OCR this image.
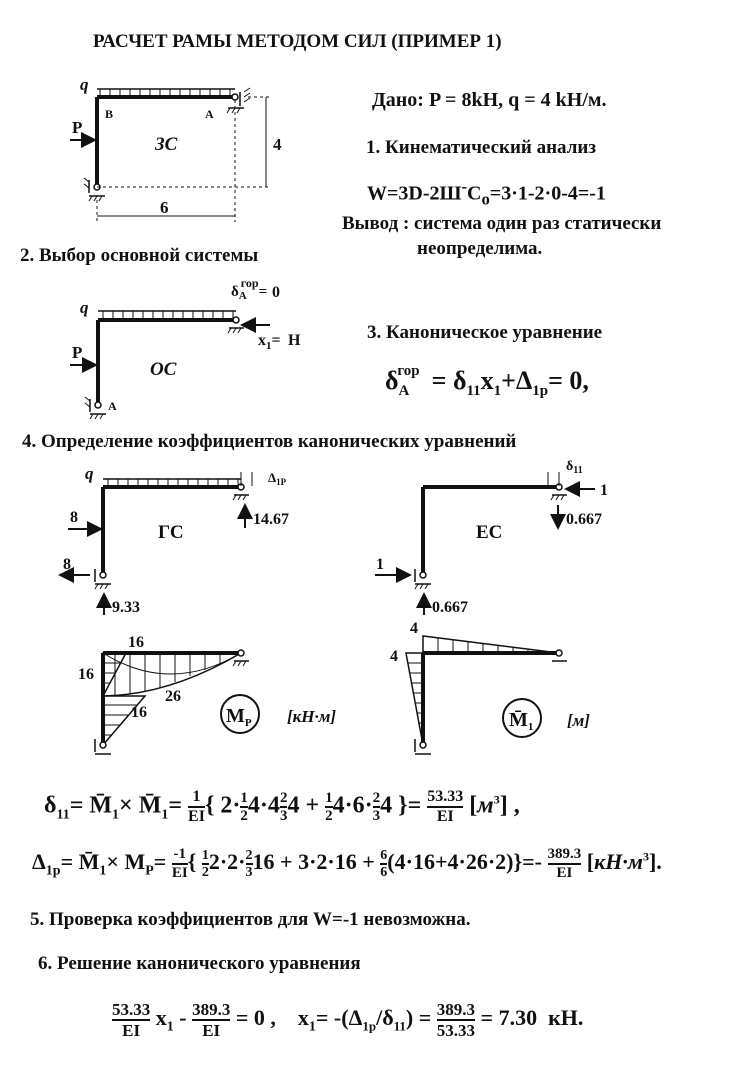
РАСЧЕТ РАМЫ МЕТОДОМ СИЛ (ПРИМЕР 1)
Дано: P = 8kH, q = 4 kH/м.
1. Кинематический анализ
$W=3D-2Ш^-C_o=3\cdot 1-2\cdot 0-4=-1$
Вывод : система один раз статически
неопределима.
2. Выбор основной системы
3. Каноническое уравнение
$\delta_A^{гор} = \delta_{11}x_1+\Delta_{1p}= 0$,
4. Определение коэффициентов канонических уравнений
$\delta_{11}=$ $M̄_1\times$ $M̄_1= 1$
EI{ 2· 1
24·4 2
34 + 1
24·6· 2
34 }= 53.33
EI $[м^3]$ ,
$\Delta_{1p}=$ $M̄_1\times M_P= -1$
EI{ 1
22·2· 2
316 + 3·2·16 + 6
6(4·16+4·26·2)}=- 389.3
EI $[кН\cdot м^3]$.
5. Проверка коэффициентов для W=-1 невозможна.
6. Решение канонического уравнения
53.33
EI $x_1 - 389.3$
EI = 0 ,    $x_1= -(\Delta_{1p}/\delta_{11}) = 389.3$
53.33 = 7.30  кН.
q
B	A
ЗС
P
6
4
q
ОС
P
$\delta_Aгор= 0$
$x_1= H$
A
q
ГС
8	14.67
$\Delta_{1P}$
8
9.33
1
$\delta_{11}$
0.667
ЕС
1
0.667
16
16
16
26
$M_P$ [кН·м]
4
4
$M̄_1$ [м]
